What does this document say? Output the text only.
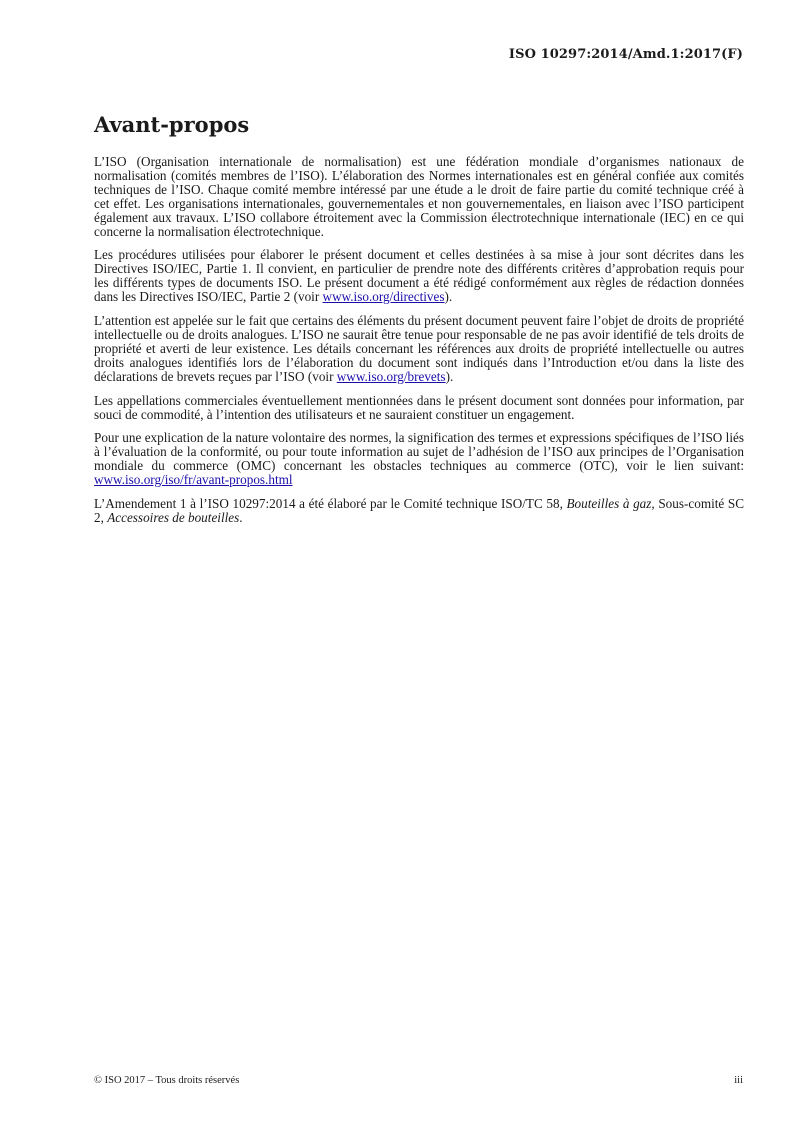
ISO 10297:2014/Amd.1:2017(F)
Avant-propos

L’ISO (Organisation internationale de normalisation) est une fédération mondiale d’organismes nationaux de normalisation (comités membres de l’ISO). L’élaboration des Normes internationales est en général confiée aux comités techniques de l’ISO. Chaque comité membre intéressé par une étude a le droit de faire partie du comité technique créé à cet effet. Les organisations internationales, gouvernementales et non gouvernementales, en liaison avec l’ISO participent également aux travaux. L’ISO collabore étroitement avec la Commission électrotechnique internationale (IEC) en ce qui concerne la normalisation électrotechnique.

Les procédures utilisées pour élaborer le présent document et celles destinées à sa mise à jour sont décrites dans les Directives ISO/IEC, Partie 1. Il convient, en particulier de prendre note des différents critères d’approbation requis pour les différents types de documents ISO. Le présent document a été rédigé conformément aux règles de rédaction données dans les Directives ISO/IEC, Partie 2 (voir www.iso.org/directives).

L’attention est appelée sur le fait que certains des éléments du présent document peuvent faire l’objet de droits de propriété intellectuelle ou de droits analogues. L’ISO ne saurait être tenue pour responsable de ne pas avoir identifié de tels droits de propriété et averti de leur existence. Les détails concernant les références aux droits de propriété intellectuelle ou autres droits analogues identifiés lors de l’élaboration du document sont indiqués dans l’Introduction et/ou dans la liste des déclarations de brevets reçues par l’ISO (voir www.iso.org/brevets).

Les appellations commerciales éventuellement mentionnées dans le présent document sont données pour information, par souci de commodité, à l’intention des utilisateurs et ne sauraient constituer un engagement.

Pour une explication de la nature volontaire des normes, la signification des termes et expressions spécifiques de l’ISO liés à l’évaluation de la conformité, ou pour toute information au sujet de l’adhésion de l’ISO aux principes de l’Organisation mondiale du commerce (OMC) concernant les obstacles techniques au commerce (OTC), voir le lien suivant: www.iso.org/iso/fr/avant-propos.html

L’Amendement 1 à l’ISO 10297:2014 a été élaboré par le Comité technique ISO/TC 58, Bouteilles à gaz, Sous-comité SC 2, Accessoires de bouteilles.

© ISO 2017 – Tous droits réservés	iii
